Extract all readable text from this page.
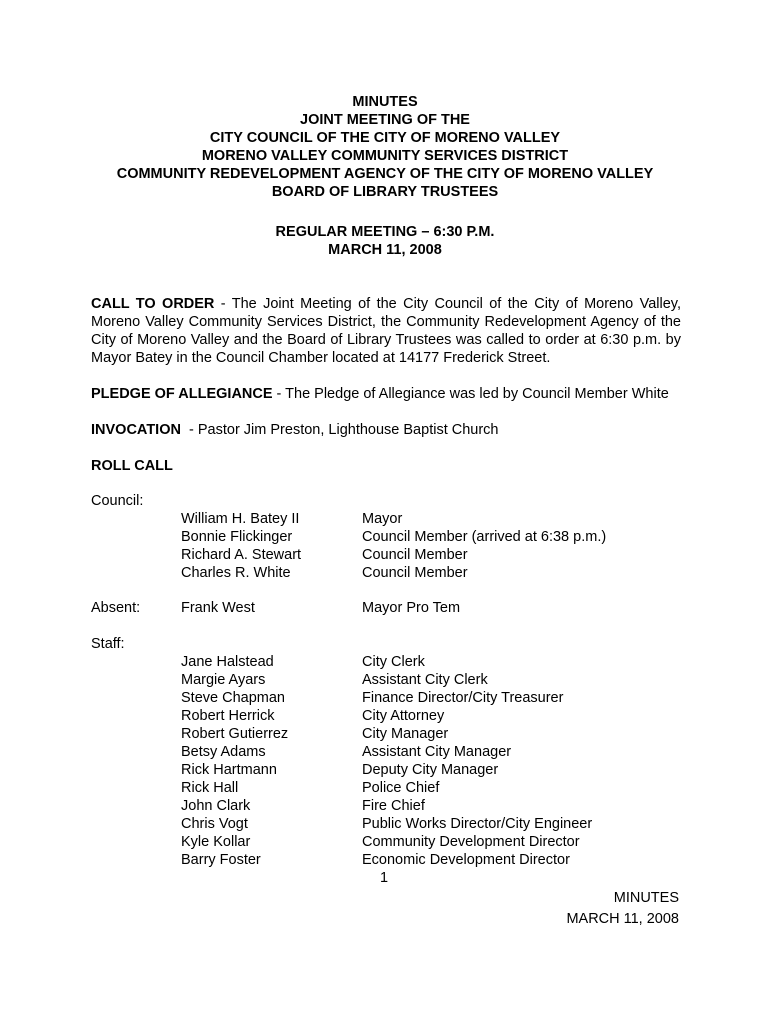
MINUTES
JOINT MEETING OF THE
CITY COUNCIL OF THE CITY OF MORENO VALLEY
MORENO VALLEY COMMUNITY SERVICES DISTRICT
COMMUNITY REDEVELOPMENT AGENCY OF THE CITY OF MORENO VALLEY
BOARD OF LIBRARY TRUSTEES
REGULAR MEETING – 6:30 P.M.
MARCH 11, 2008
CALL TO ORDER - The Joint Meeting of the City Council of the City of Moreno Valley, Moreno Valley Community Services District, the Community Redevelopment Agency of the City of Moreno Valley and the Board of Library Trustees was called to order at 6:30 p.m. by Mayor Batey in the Council Chamber located at 14177 Frederick Street.
PLEDGE OF ALLEGIANCE - The Pledge of Allegiance was led by Council Member White
INVOCATION  - Pastor Jim Preston, Lighthouse Baptist Church
ROLL CALL
Council:
William H. Batey II	Mayor
Bonnie Flickinger	Council Member (arrived at 6:38 p.m.)
Richard A. Stewart	Council Member
Charles R. White	Council Member
Absent:	Frank West	Mayor Pro Tem
Staff:
Jane Halstead	City Clerk
Margie Ayars	Assistant City Clerk
Steve Chapman	Finance Director/City Treasurer
Robert Herrick	City Attorney
Robert Gutierrez	City Manager
Betsy Adams	Assistant City Manager
Rick Hartmann	Deputy City Manager
Rick Hall	Police Chief
John Clark	Fire Chief
Chris Vogt	Public Works Director/City Engineer
Kyle Kollar	Community Development Director
Barry Foster	Economic Development Director
1
MINUTES
MARCH 11, 2008
